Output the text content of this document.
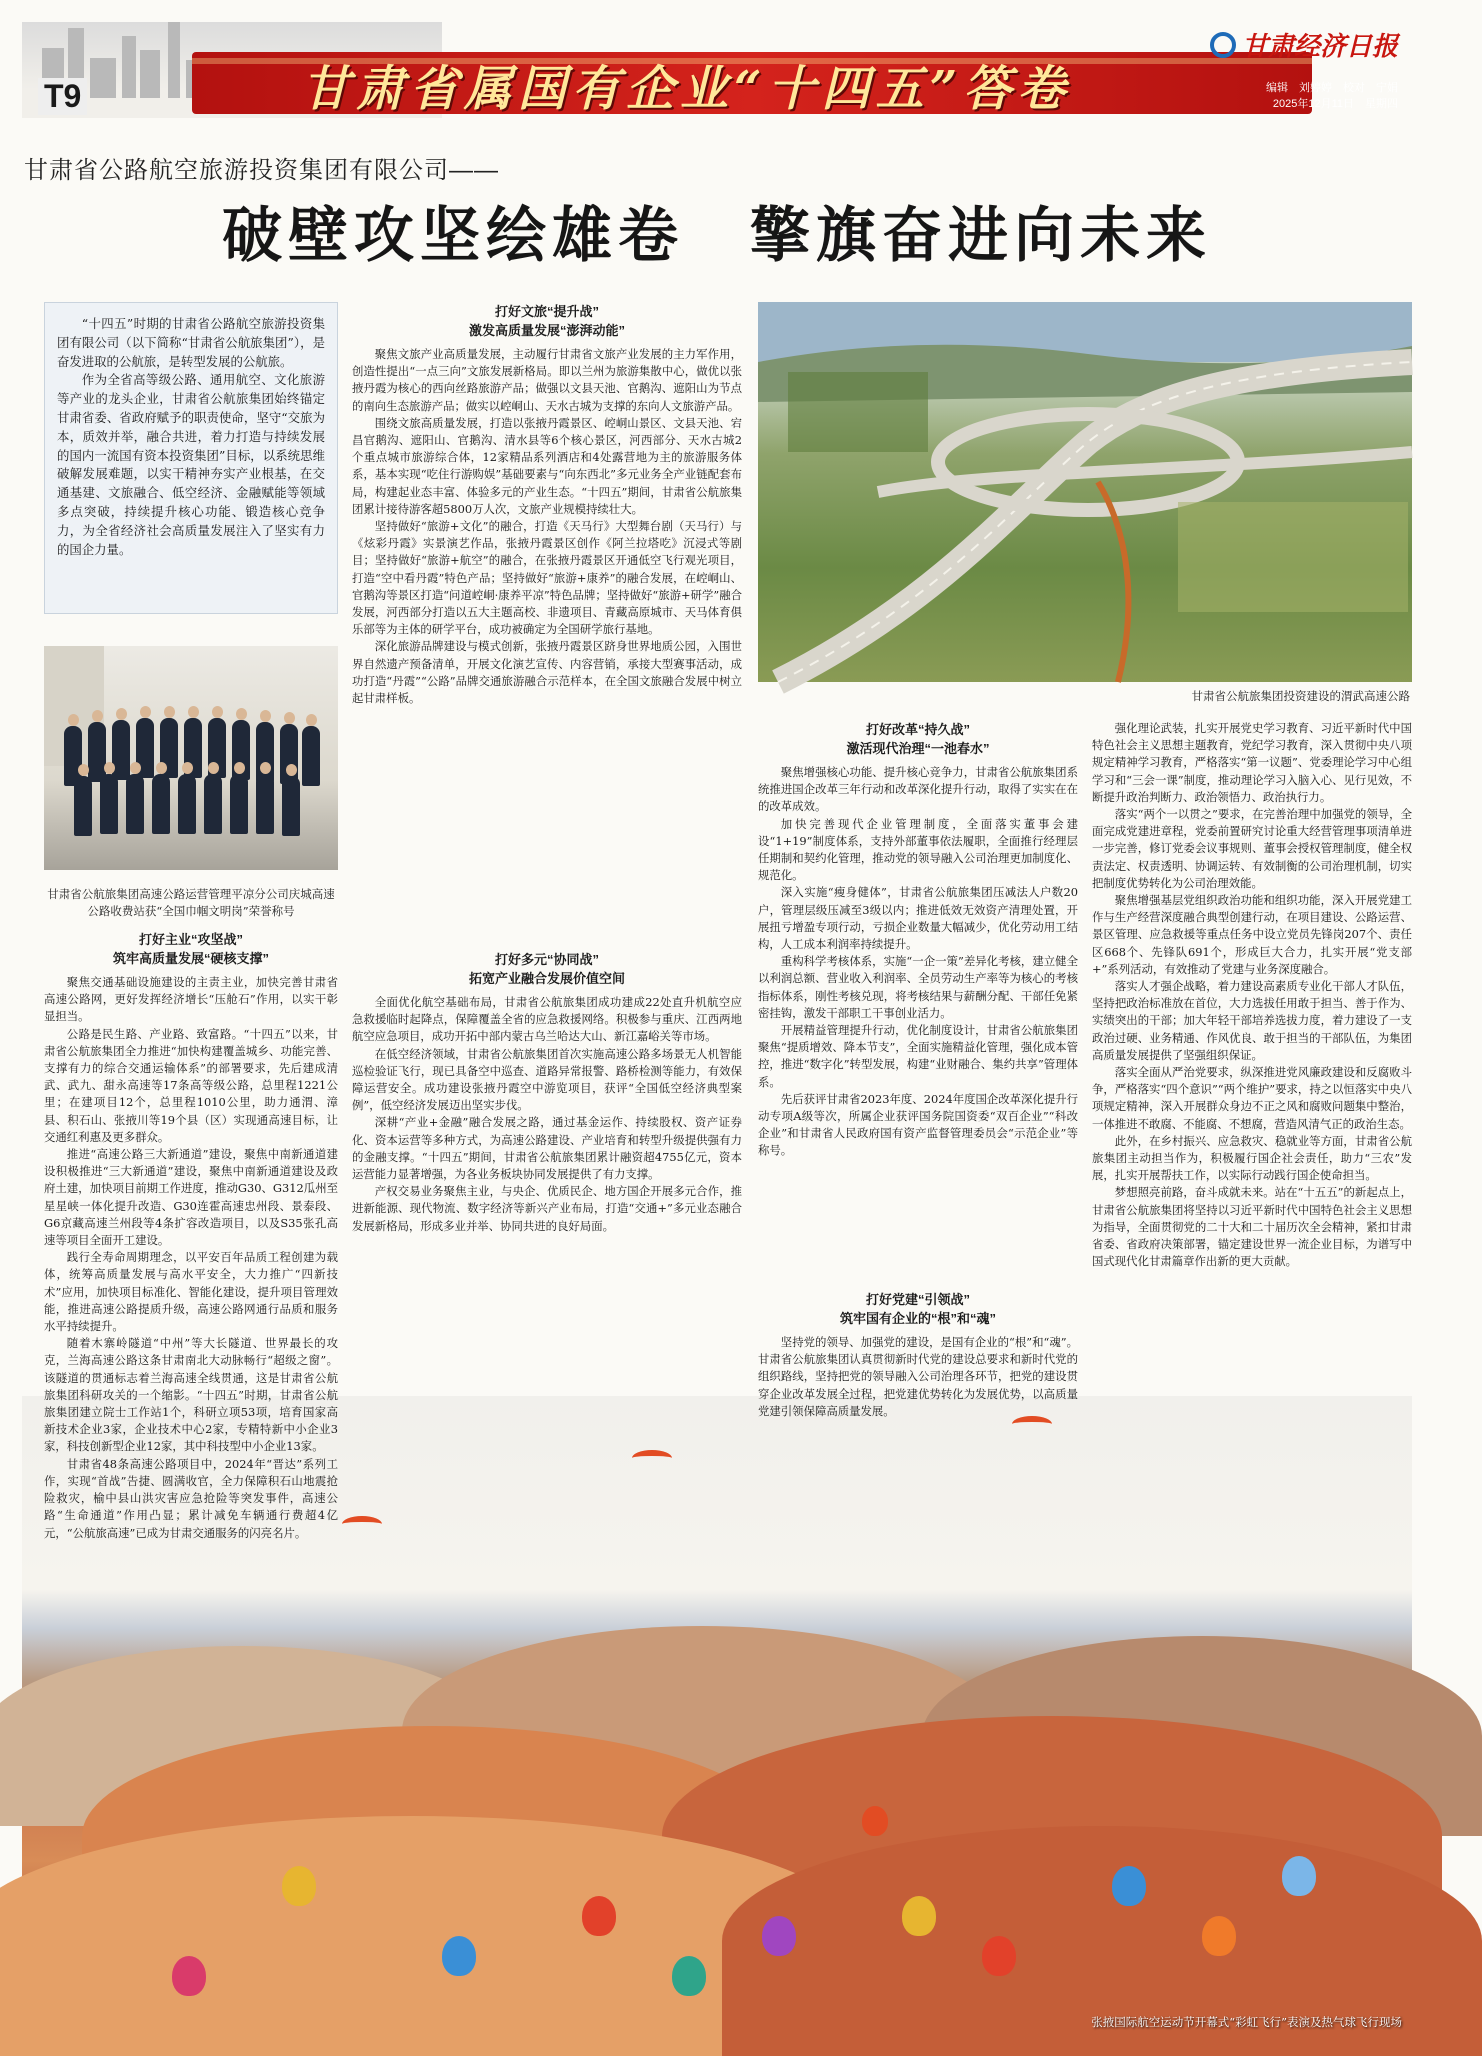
T9	甘肃省属国有企业“十四五”答卷
甘肃经济日报
编辑　刘婷婷　校对　宁娟
2025年12月11日　星期四
甘肃省公路航空旅游投资集团有限公司——
破壁攻坚绘雄卷　擎旗奋进向未来

“十四五”时期的甘肃省公路航空旅游投资集团有限公司（以下简称“甘肃省公航旅集团”），是奋发进取的公航旅，是转型发展的公航旅。

作为全省高等级公路、通用航空、文化旅游等产业的龙头企业，甘肃省公航旅集团始终锚定甘肃省委、省政府赋予的职责使命，坚守“交旅为本，质效并举，融合共进，着力打造与持续发展的国内一流国有资本投资集团”目标，以系统思维破解发展难题，以实干精神夯实产业根基，在交通基建、文旅融合、低空经济、金融赋能等领域多点突破，持续提升核心功能、锻造核心竞争力，为全省经济社会高质量发展注入了坚实有力的国企力量。

甘肃省公航旅集团高速公路运营管理平凉分公司庆城高速公路收费站获“全国巾帼文明岗”荣誉称号
甘肃省公航旅集团投资建设的渭武高速公路
张掖国际航空运动节开幕式“彩虹飞行”表演及热气球飞行现场
打好主业“攻坚战”
筑牢高质量发展“硬核支撑”

聚焦交通基础设施建设的主责主业，加快完善甘肃省高速公路网，更好发挥经济增长“压舱石”作用，以实干彰显担当。

公路是民生路、产业路、致富路。“十四五”以来，甘肃省公航旅集团全力推进“加快构建覆盖城乡、功能完善、支撑有力的综合交通运输体系”的部署要求，先后建成清武、武九、甜永高速等17条高等级公路，总里程1221公里；在建项目12个，总里程1010公里，助力通渭、漳县、积石山、张掖川等19个县（区）实现通高速目标，让交通红利惠及更多群众。

推进“高速公路三大新通道”建设，聚焦中南新通道建设积极推进“三大新通道”建设，聚焦中南新通道建设及政府土建，加快项目前期工作进度，推动G30、G312瓜州至星星峡一体化提升改造、G30连霍高速忠州段、景泰段、G6京藏高速兰州段等4条扩容改造项目，以及S35张孔高速等项目全面开工建设。

践行全寿命周期理念，以平安百年品质工程创建为载体，统筹高质量发展与高水平安全，大力推广“四新技术”应用，加快项目标准化、智能化建设，提升项目管理效能，推进高速公路提质升级，高速公路网通行品质和服务水平持续提升。

随着木寨岭隧道“中州”等大长隧道、世界最长的攻克，兰海高速公路这条甘肃南北大动脉畅行“超级之窗”。该隧道的贯通标志着兰海高速全线贯通，这是甘肃省公航旅集团科研攻关的一个缩影。“十四五”时期，甘肃省公航旅集团建立院士工作站1个，科研立项53项，培育国家高新技术企业3家，企业技术中心2家，专精特新中小企业3家，科技创新型企业12家，其中科技型中小企业13家。

甘肃省48条高速公路项目中，2024年“晋达”系列工作，实现“首战”告捷、圆满收官，全力保障积石山地震抢险救灾，榆中县山洪灾害应急抢险等突发事件，高速公路“生命通道”作用凸显；累计减免车辆通行费超4亿元，“公航旅高速”已成为甘肃交通服务的闪亮名片。

打好文旅“提升战”
激发高质量发展“澎湃动能”

聚焦文旅产业高质量发展，主动履行甘肃省文旅产业发展的主力军作用，创造性提出“一点三向”文旅发展新格局。即以兰州为旅游集散中心，做优以张掖丹霞为核心的西向丝路旅游产品；做强以文县天池、官鹅沟、遮阳山为节点的南向生态旅游产品；做实以崆峒山、天水古城为支撑的东向人文旅游产品。

围绕文旅高质量发展，打造以张掖丹霞景区、崆峒山景区、文县天池、宕昌官鹅沟、遮阳山、官鹅沟、清水县等6个核心景区，河西部分、天水古城2个重点城市旅游综合体，12家精品系列酒店和4处露营地为主的旅游服务体系，基本实现“吃住行游购娱”基础要素与“向东西北”多元业务全产业链配套布局，构建起业态丰富、体验多元的产业生态。“十四五”期间，甘肃省公航旅集团累计接待游客超5800万人次，文旅产业规模持续壮大。

坚持做好“旅游+文化”的融合，打造《天马行》大型舞台剧（天马行）与《炫彩丹霞》实景演艺作品，张掖丹霞景区创作《阿兰拉塔吃》沉浸式等剧目；坚持做好“旅游+航空”的融合，在张掖丹霞景区开通低空飞行观光项目，打造“空中看丹霞”特色产品；坚持做好“旅游+康养”的融合发展，在崆峒山、官鹅沟等景区打造“问道崆峒·康养平凉”特色品牌；坚持做好“旅游+研学”融合发展，河西部分打造以五大主题高校、非遗项目、青藏高原城市、天马体育俱乐部等为主体的研学平台，成功被确定为全国研学旅行基地。

深化旅游品牌建设与模式创新，张掖丹霞景区跻身世界地质公园，入围世界自然遗产预备清单，开展文化演艺宣传、内容营销，承接大型赛事活动，成功打造“丹霞”“公路”品牌交通旅游融合示范样本，在全国文旅融合发展中树立起甘肃样板。

打好多元“协同战”
拓宽产业融合发展价值空间

全面优化航空基础布局，甘肃省公航旅集团成功建成22处直升机航空应急救援临时起降点，保障覆盖全省的应急救援网络。积极参与重庆、江西两地航空应急项目，成功开拓中部内蒙古乌兰哈达大山、新江嘉峪关等市场。

在低空经济领域，甘肃省公航旅集团首次实施高速公路多场景无人机智能巡检验证飞行，现已具备空中巡查、道路异常报警、路桥检测等能力，有效保障运营安全。成功建设张掖丹霞空中游览项目，获评“全国低空经济典型案例”，低空经济发展迈出坚实步伐。

深耕“产业+金融”融合发展之路，通过基金运作、持续股权、资产证券化、资本运营等多种方式，为高速公路建设、产业培育和转型升级提供强有力的金融支撑。“十四五”期间，甘肃省公航旅集团累计融资超4755亿元，资本运营能力显著增强，为各业务板块协同发展提供了有力支撑。

产权交易业务聚焦主业，与央企、优质民企、地方国企开展多元合作，推进新能源、现代物流、数字经济等新兴产业布局，打造“交通+”多元业态融合发展新格局，形成多业并举、协同共进的良好局面。

打好改革“持久战”
激活现代治理“一池春水”

聚焦增强核心功能、提升核心竞争力，甘肃省公航旅集团系统推进国企改革三年行动和改革深化提升行动，取得了实实在在的改革成效。

加快完善现代企业管理制度，全面落实董事会建设“1+19”制度体系，支持外部董事依法履职，全面推行经理层任期制和契约化管理，推动党的领导融入公司治理更加制度化、规范化。

深入实施“瘦身健体”，甘肃省公航旅集团压减法人户数20户，管理层级压减至3级以内；推进低效无效资产清理处置，开展扭亏增盈专项行动，亏损企业数量大幅减少，优化劳动用工结构，人工成本利润率持续提升。

重构科学考核体系，实施“一企一策”差异化考核，建立健全以利润总额、营业收入利润率、全员劳动生产率等为核心的考核指标体系，刚性考核兑现，将考核结果与薪酬分配、干部任免紧密挂钩，激发干部职工干事创业活力。

开展精益管理提升行动，优化制度设计，甘肃省公航旅集团聚焦“提质增效、降本节支”，全面实施精益化管理，强化成本管控，推进“数字化”转型发展，构建“业财融合、集约共享”管理体系。

先后获评甘肃省2023年度、2024年度国企改革深化提升行动专项A级等次，所属企业获评国务院国资委“双百企业”“科改企业”和甘肃省人民政府国有资产监督管理委员会“示范企业”等称号。

打好党建“引领战”
筑牢国有企业的“根”和“魂”

坚持党的领导、加强党的建设，是国有企业的“根”和“魂”。甘肃省公航旅集团认真贯彻新时代党的建设总要求和新时代党的组织路线，坚持把党的领导融入公司治理各环节，把党的建设贯穿企业改革发展全过程，把党建优势转化为发展优势，以高质量党建引领保障高质量发展。

强化理论武装，扎实开展党史学习教育、习近平新时代中国特色社会主义思想主题教育，党纪学习教育，深入贯彻中央八项规定精神学习教育，严格落实“第一议题”、党委理论学习中心组学习和“三会一课”制度，推动理论学习入脑入心、见行见效，不断提升政治判断力、政治领悟力、政治执行力。

落实“两个一以贯之”要求，在完善治理中加强党的领导，全面完成党建进章程，党委前置研究讨论重大经营管理事项清单进一步完善，修订党委会议事规则、董事会授权管理制度，健全权责法定、权责透明、协调运转、有效制衡的公司治理机制，切实把制度优势转化为公司治理效能。

聚焦增强基层党组织政治功能和组织功能，深入开展党建工作与生产经营深度融合典型创建行动，在项目建设、公路运营、景区管理、应急救援等重点任务中设立党员先锋岗207个、责任区668个、先锋队691个，形成巨大合力，扎实开展“党支部+”系列活动，有效推动了党建与业务深度融合。

落实人才强企战略，着力建设高素质专业化干部人才队伍，坚持把政治标准放在首位，大力选拔任用敢于担当、善于作为、实绩突出的干部；加大年轻干部培养选拔力度，着力建设了一支政治过硬、业务精通、作风优良、敢于担当的干部队伍，为集团高质量发展提供了坚强组织保证。

落实全面从严治党要求，纵深推进党风廉政建设和反腐败斗争，严格落实“四个意识”“两个维护”要求，持之以恒落实中央八项规定精神，深入开展群众身边不正之风和腐败问题集中整治，一体推进不敢腐、不能腐、不想腐，营造风清气正的政治生态。

此外，在乡村振兴、应急救灾、稳就业等方面，甘肃省公航旅集团主动担当作为，积极履行国企社会责任，助力“三农”发展，扎实开展帮扶工作，以实际行动践行国企使命担当。

梦想照亮前路，奋斗成就未来。站在“十五五”的新起点上，甘肃省公航旅集团将坚持以习近平新时代中国特色社会主义思想为指导，全面贯彻党的二十大和二十届历次全会精神，紧扣甘肃省委、省政府决策部署，锚定建设世界一流企业目标，为谱写中国式现代化甘肃篇章作出新的更大贡献。
